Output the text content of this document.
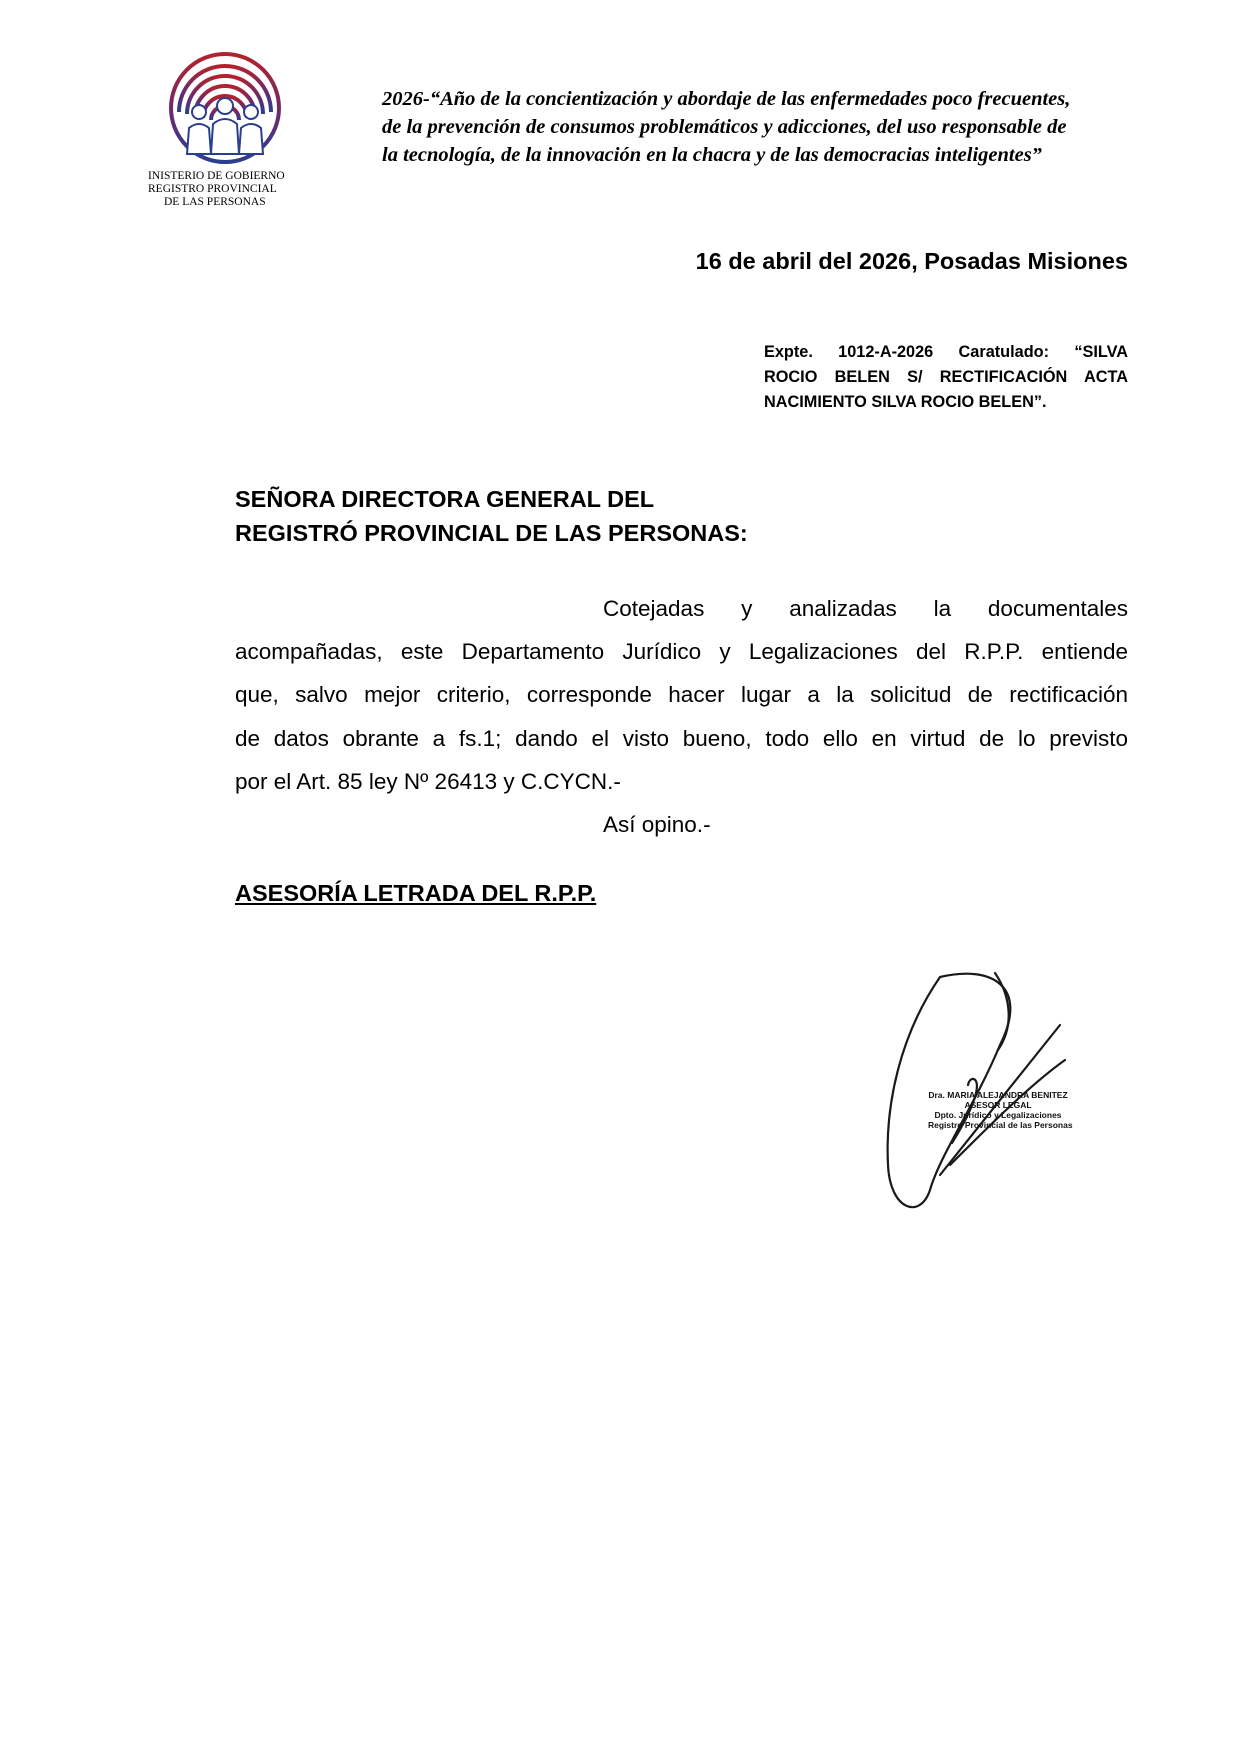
INISTERIO DE GOBIERNO
REGISTRO PROVINCIAL
DE LAS PERSONAS
2026-“Año de la concientización y abordaje de las enfermedades poco frecuentes,
de la prevención de consumos problemáticos y adicciones, del uso responsable de
la tecnología, de la innovación en la chacra y de las democracias inteligentes”
16 de abril del 2026, Posadas Misiones
Expte. 1012-A-2026 Caratulado: “SILVA
ROCIO BELEN S/ RECTIFICACIÓN ACTA
NACIMIENTO SILVA ROCIO BELEN”.
SEÑORA DIRECTORA GENERAL DEL
REGISTRÓ PROVINCIAL DE LAS PERSONAS:
Cotejadas y analizadas la documentales
acompañadas, este Departamento Jurídico y Legalizaciones del R.P.P. entiende
que, salvo mejor criterio, corresponde hacer lugar a la solicitud de rectificación
de datos obrante a fs.1; dando el visto bueno, todo ello en virtud de lo previsto
por el Art. 85 ley Nº 26413 y C.CYCN.-
Así opino.-
ASESORÍA LETRADA DEL R.P.P.
Dra. MARIA ALEJANDRA BENITEZ
ASESOR LEGAL
Dpto. Jurídico y Legalizaciones
Registro Provincial de las Personas
